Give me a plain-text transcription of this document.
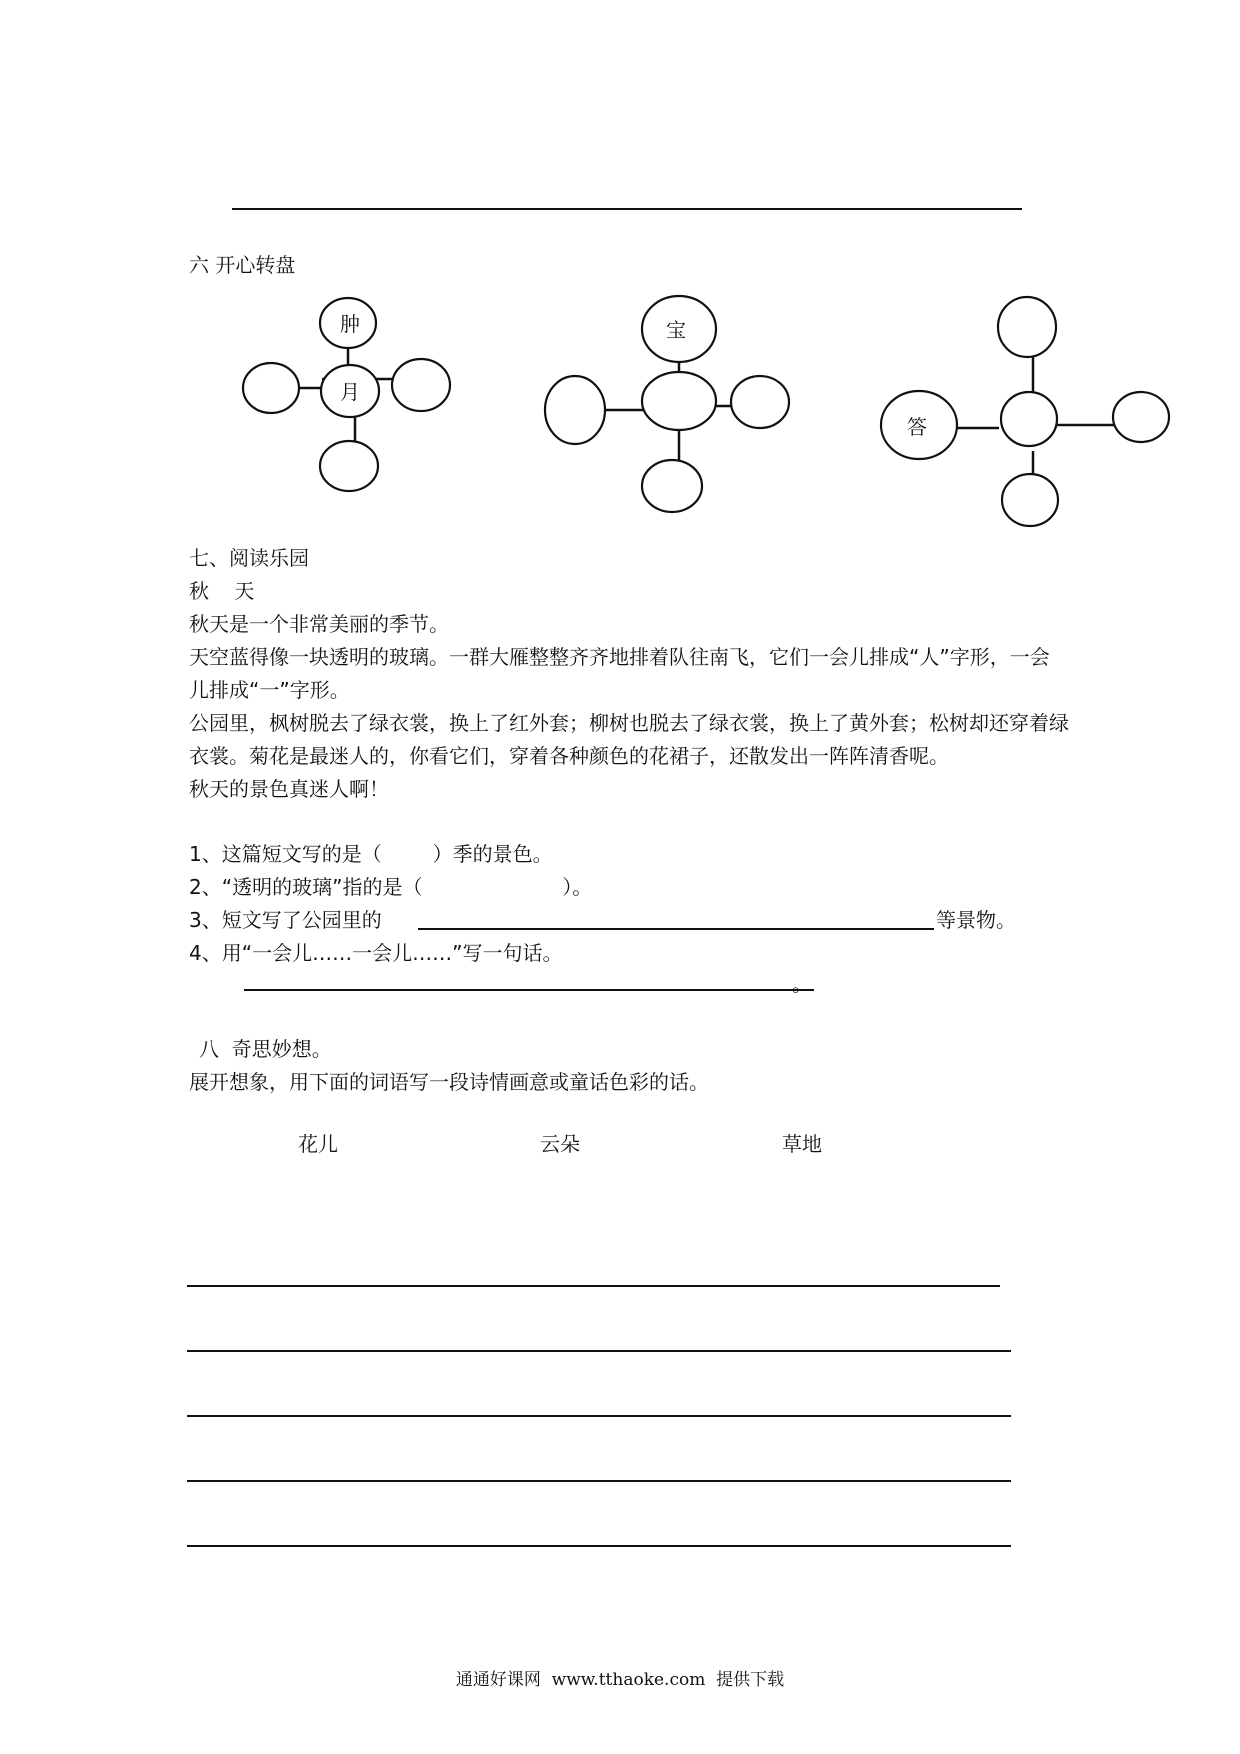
六 开心转盘
肿
月
宝
答
七、阅读乐园
秋    天

秋天是一个非常美丽的季节。

天空蓝得像一块透明的玻璃。一群大雁整整齐齐地排着队往南飞，它们一会儿排成“人”字形，一会儿排成“一”字形。

公园里，枫树脱去了绿衣裳，换上了红外套；柳树也脱去了绿衣裳，换上了黄外套；松树却还穿着绿衣裳。菊花是最迷人的，你看它们，穿着各种颜色的花裙子，还散发出一阵阵清香呢。

秋天的景色真迷人啊！

1、这篇短文写的是（        ）季的景色。
2、“透明的玻璃”指的是（                      ）。
3、短文写了公园里的	等景物。
4、用“一会儿……一会儿……”写一句话。
。
八  奇思妙想。
展开想象，用下面的词语写一段诗情画意或童话色彩的话。
花儿	云朵	草地
通通好课网  www.tthaoke.com  提供下载
